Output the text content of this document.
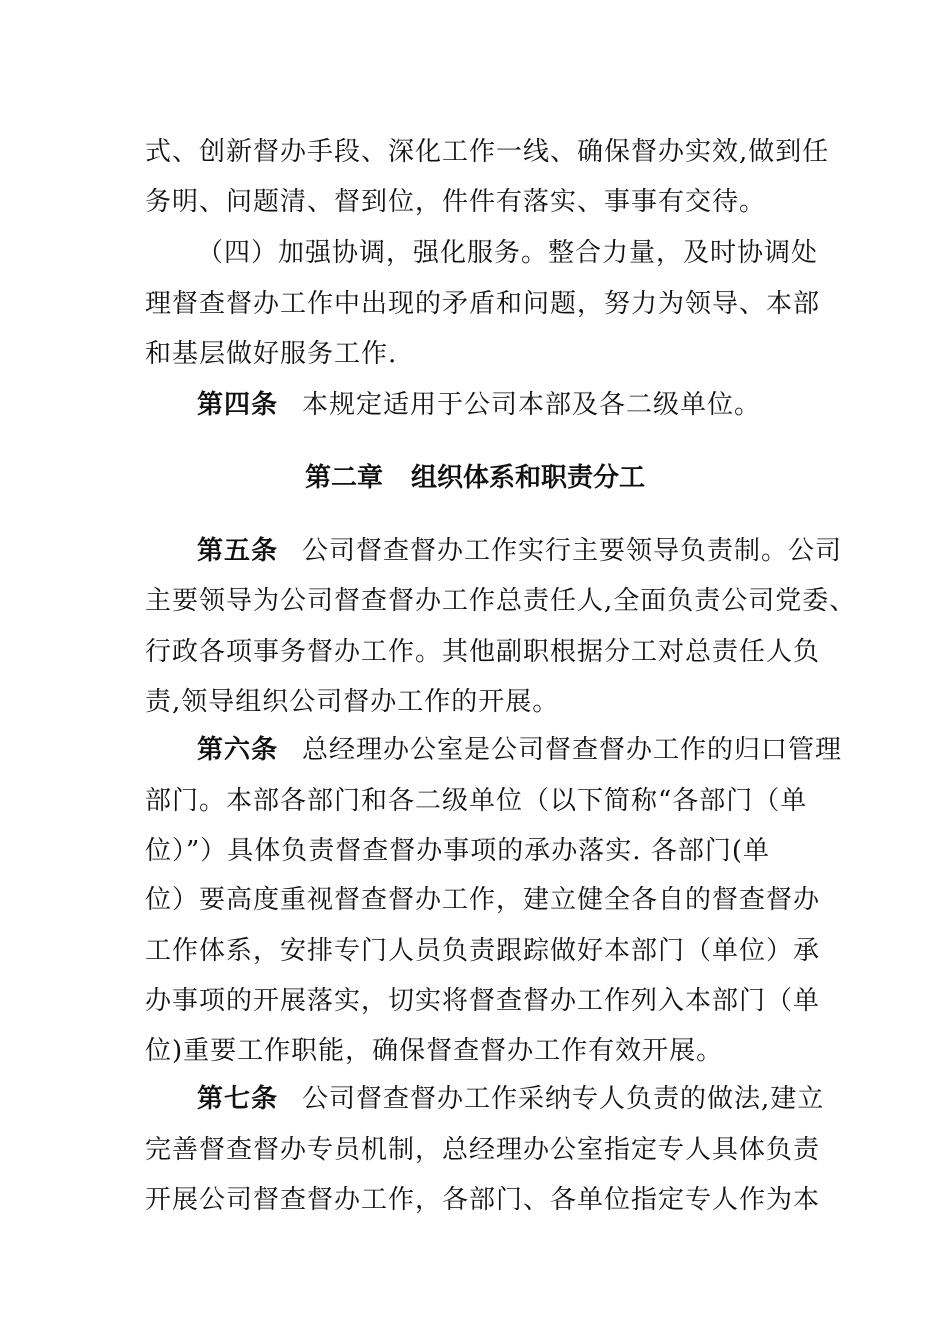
式、创新督办手段、深化工作一线、确保督办实效,做到任
务明、问题清、督到位，件件有落实、事事有交待。
（四）加强协调，强化服务。整合力量，及时协调处
理督查督办工作中出现的矛盾和问题，努力为领导、本部
和基层做好服务工作.
第四条 本规定适用于公司本部及各二级单位。
第二章 组织体系和职责分工
第五条 公司督查督办工作实行主要领导负责制。公司
主要领导为公司督查督办工作总责任人,全面负责公司党委、
行政各项事务督办工作。其他副职根据分工对总责任人负
责,领导组织公司督办工作的开展。
第六条 总经理办公室是公司督查督办工作的归口管理
部门。本部各部门和各二级单位（以下简称“各部门（单
位）”）具体负责督查督办事项的承办落实. 各部门(单
位）要高度重视督查督办工作，建立健全各自的督查督办
工作体系，安排专门人员负责跟踪做好本部门（单位）承
办事项的开展落实，切实将督查督办工作列入本部门（单
位)重要工作职能，确保督查督办工作有效开展。
第七条 公司督查督办工作采纳专人负责的做法,建立
完善督查督办专员机制，总经理办公室指定专人具体负责
开展公司督查督办工作，各部门、各单位指定专人作为本
